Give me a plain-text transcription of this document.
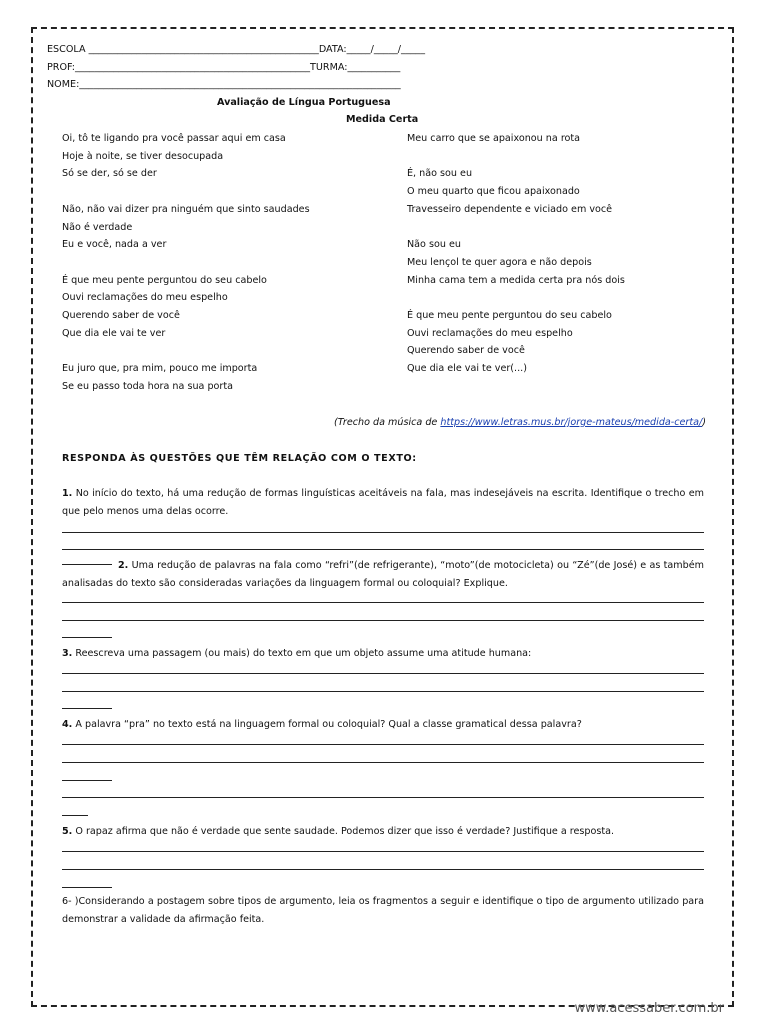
ESCOLA ________________________________________________DATA:_____/_____/_____
PROF:_________________________________________________TURMA:___________
NOME:___________________________________________________________________
Avaliação de Língua Portuguesa
Medida Certa
Oi, tô te ligando pra você passar aqui em casa
Hoje à noite, se tiver desocupada
Só se der, só se der
Não, não vai dizer pra ninguém que sinto saudades
Não é verdade
Eu e você, nada a ver
É que meu pente perguntou do seu cabelo
Ouvi reclamações do meu espelho
Querendo saber de você
Que dia ele vai te ver
Eu juro que, pra mim, pouco me importa
Se eu passo toda hora na sua porta
Meu carro que se apaixonou na rota
É, não sou eu
O meu quarto que ficou apaixonado
Travesseiro dependente e viciado em você
Não sou eu
Meu lençol te quer agora e não depois
Minha cama tem a medida certa pra nós dois
É que meu pente perguntou do seu cabelo
Ouvi reclamações do meu espelho
Querendo saber de você
Que dia ele vai te ver(...)
(Trecho da música de https://www.letras.mus.br/jorge-mateus/medida-certa/)
RESPONDA ÀS QUESTÕES QUE TÊM RELAÇÃO COM O TEXTO:
1. No início do texto, há uma redução de formas linguísticas aceitáveis na fala, mas indesejáveis na escrita. Identifique o trecho em que pelo menos uma delas ocorre.
2. Uma redução de palavras na fala como “refri”(de refrigerante), “moto”(de motocicleta) ou “Zé”(de José) e as também analisadas do texto são consideradas variações da linguagem formal ou coloquial? Explique.
3. Reescreva uma passagem (ou mais) do texto em que um objeto assume uma atitude humana:
4. A palavra “pra” no texto está na linguagem formal ou coloquial? Qual a classe gramatical dessa palavra?
5. O rapaz afirma que não é verdade que sente saudade. Podemos dizer que isso é verdade? Justifique a resposta.
6- )Considerando a postagem sobre tipos de argumento, leia os fragmentos a seguir e identifique o tipo de argumento utilizado para demonstrar a validade da afirmação feita.
www.acessaber.com.br
